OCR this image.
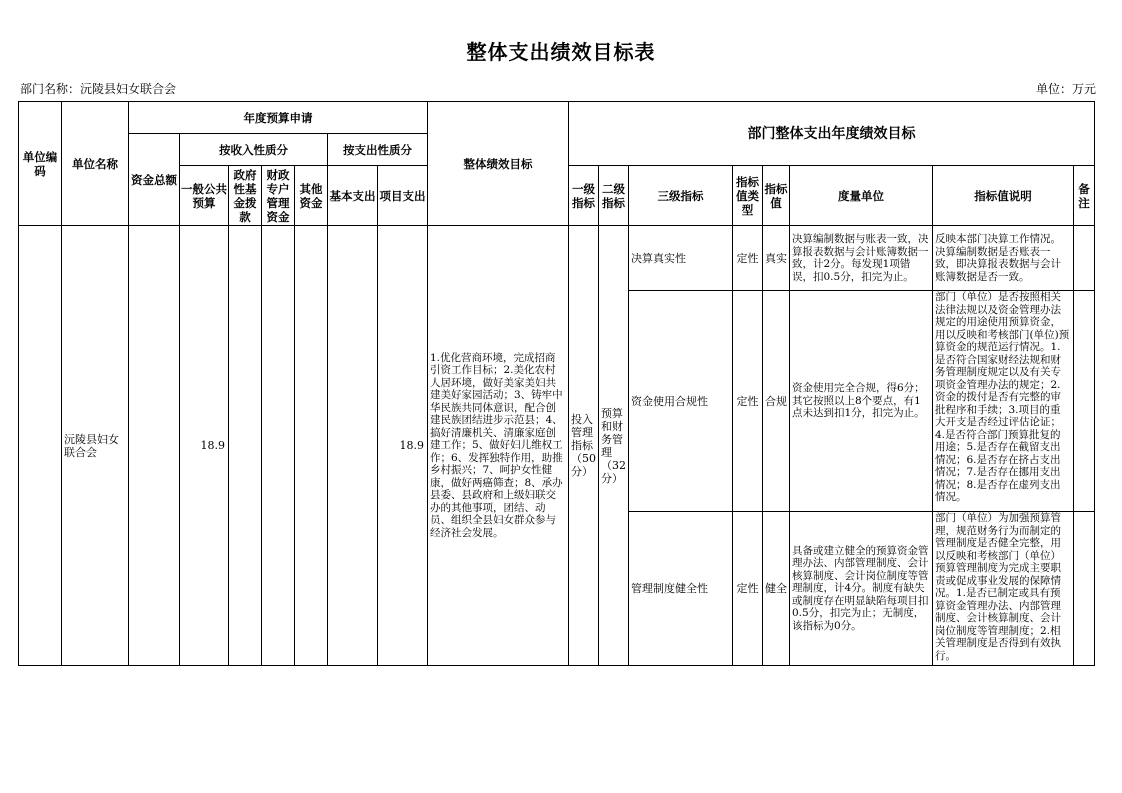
整体支出绩效目标表
部门名称：沅陵县妇女联合会	单位：万元
单位编码	单位名称	年度预算申请							整体绩效目标	部门整体支出年度绩效目标							
		资金总额	按收入性质分				按支出性质分										
			一般公共预算	政府性基金拨款	财政专户管理资金	其他资金	基本支出	项目支出		一级指标	二级指标	三级指标	指标值类型	指标值	度量单位	指标值说明	备注

	沅陵县妇女联合会		18.9					18.9	1.优化营商环境，完成招商引资工作目标；2.美化农村人居环境，做好美家美妇共建美好家园活动；3、铸牢中华民族共同体意识，配合创建民族团结进步示范县；4、搞好清廉机关、清廉家庭创建工作；5、做好妇儿维权工作；6、发挥独特作用，助推乡村振兴；7、呵护女性健康，做好两癌筛查；8、承办县委、县政府和上级妇联交办的其他事项，团结、动员、组织全县妇女群众参与经济社会发展。	投入管理指标（50分）	预算和财务管理（32分）	决算真实性	定性	真实	决算编制数据与账表一致，决算报表数据与会计账簿数据一致，计2分。每发现1项错误，扣0.5分，扣完为止。	反映本部门决算工作情况。决算编制数据是否账表一致，即决算报表数据与会计账簿数据是否一致。	
												资金使用合规性	定性	合规	资金使用完全合规，得6分；其它按照以上8个要点，有1点未达到扣1分，扣完为止。	部门（单位）是否按照相关法律法规以及资金管理办法规定的用途使用预算资金，用以反映和考核部门(单位)预算资金的规范运行情况。1.是否符合国家财经法规和财务管理制度规定以及有关专项资金管理办法的规定；2.资金的拨付是否有完整的审批程序和手续；3.项目的重大开支是否经过评估论证；4.是否符合部门预算批复的用途；5.是否存在截留支出情况；6.是否存在挤占支出情况；7.是否存在挪用支出情况；8.是否存在虚列支出情况。	

												管理制度健全性	定性	健全	具备或建立健全的预算资金管理办法、内部管理制度、会计核算制度、会计岗位制度等管理制度，计4分。制度有缺失或制度存在明显缺陷每项目扣0.5分，扣完为止；无制度，该指标为0分。	部门（单位）为加强预算管理，规范财务行为而制定的管理制度是否健全完整，用以反映和考核部门（单位）预算管理制度为完成主要职责或促成事业发展的保障情况。1.是否已制定或具有预算资金管理办法、内部管理制度、会计核算制度、会计岗位制度等管理制度；2.相关管理制度是否得到有效执行。	
